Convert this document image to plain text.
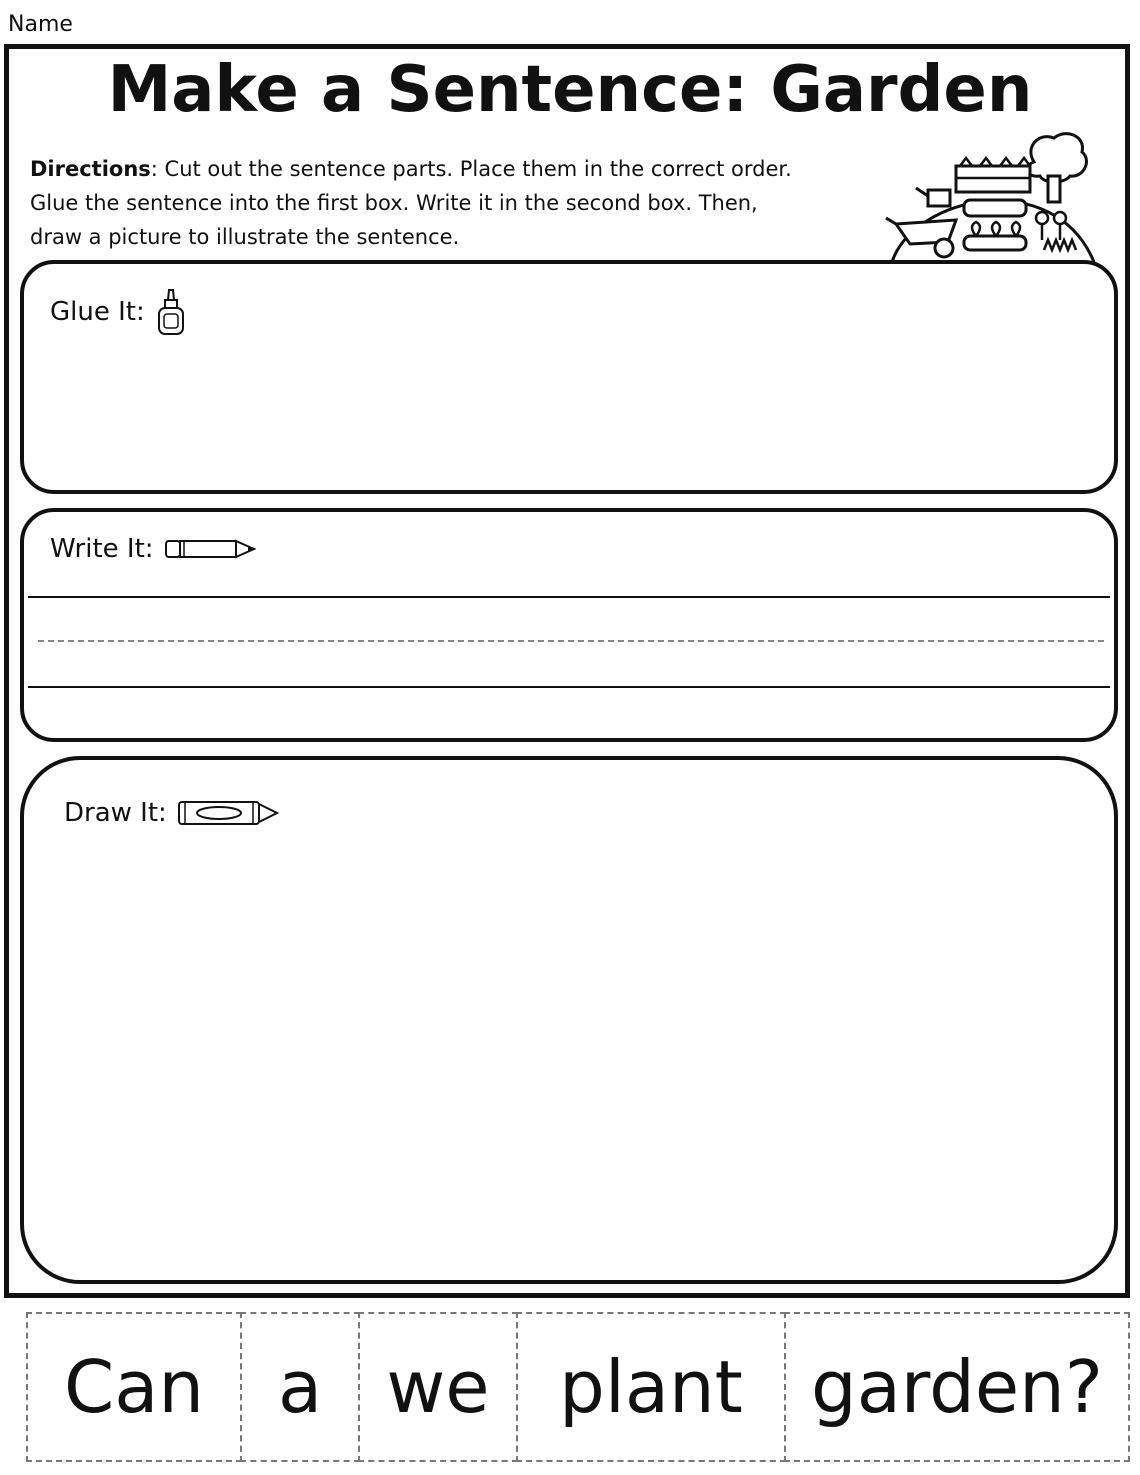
Name
Make a Sentence: Garden
Directions: Cut out the sentence parts. Place them in the correct order.
Glue the sentence into the first box. Write it in the second box. Then,
draw a picture to illustrate the sentence.
Glue It:
Write It:
Draw It:
Can a we plant garden?
